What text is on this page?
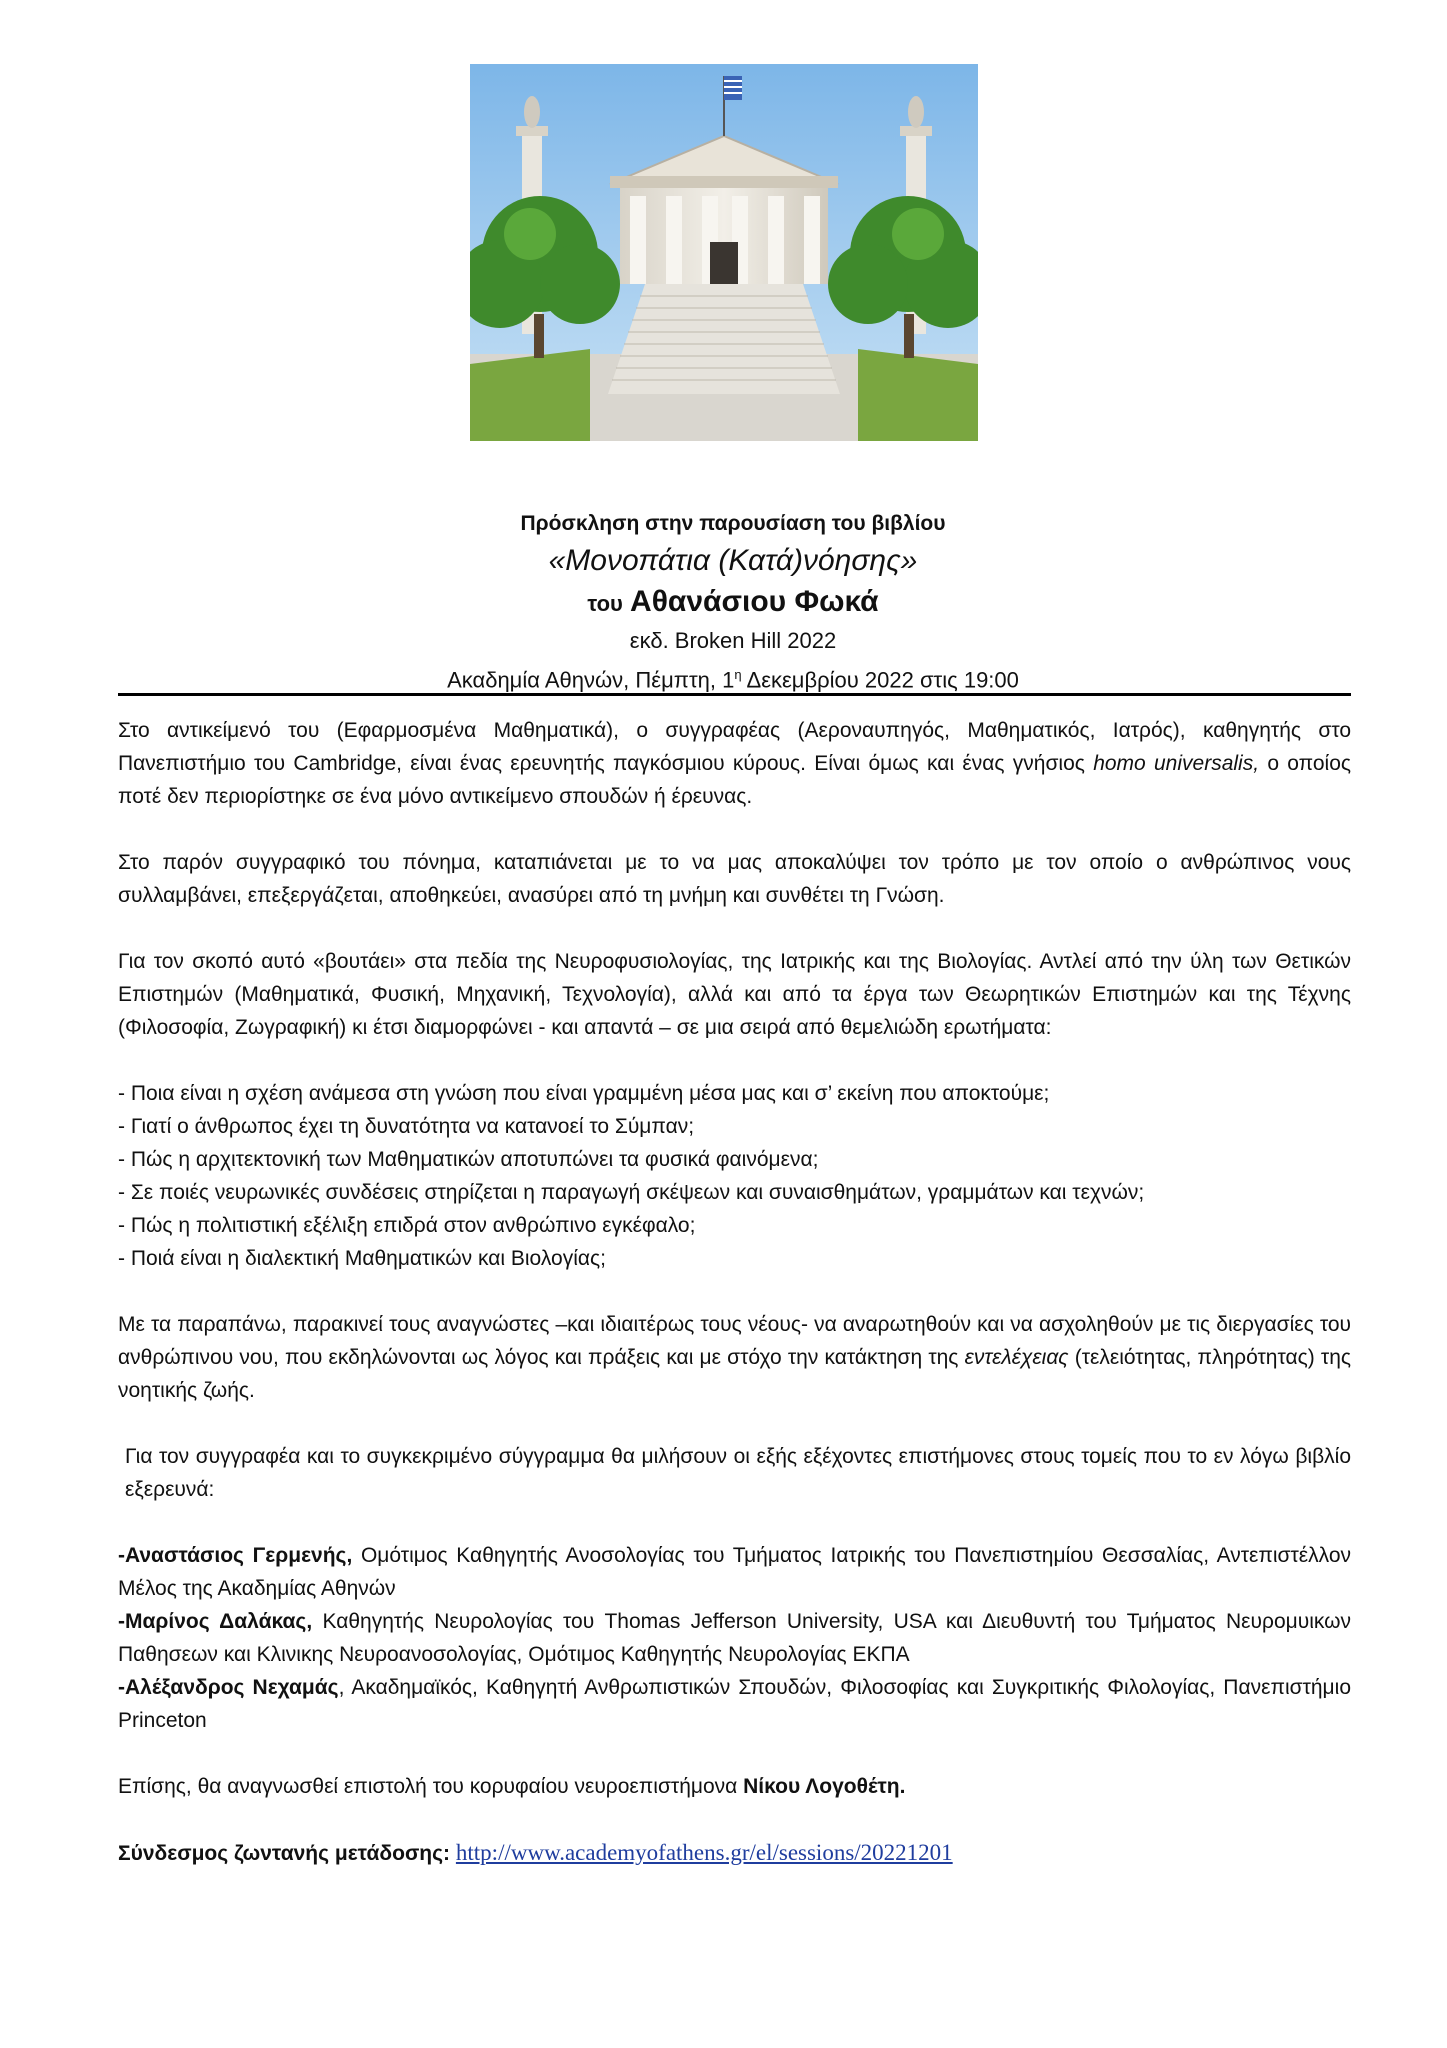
Πρόσκληση στην παρουσίαση του βιβλίου
«Μονοπάτια (Κατά)νόησης»
του Αθανάσιου Φωκά
εκδ. Broken Hill 2022
Ακαδημία Αθηνών, Πέμπτη, $1^\eta$ Δεκεμβρίου 2022 στις 19:00

Στο αντικείμενό του (Εφαρμοσμένα Μαθηματικά), ο συγγραφέας (Αεροναυπηγός, Μαθηματικός, Ιατρός), καθηγητής στο Πανεπιστήμιο του Cambridge, είναι ένας ερευνητής παγκόσμιου κύρους. Είναι όμως και ένας γνήσιος homo universalis, ο οποίος ποτέ δεν περιορίστηκε σε ένα μόνο αντικείμενο σπουδών ή έρευνας.

Στο παρόν συγγραφικό του πόνημα, καταπιάνεται με το να μας αποκαλύψει τον τρόπο με τον οποίο ο ανθρώπινος νους συλλαμβάνει, επεξεργάζεται, αποθηκεύει, ανασύρει από τη μνήμη και συνθέτει τη Γνώση.

Για τον σκοπό αυτό «βουτάει» στα πεδία της Νευροφυσιολογίας, της Ιατρικής και της Βιολογίας. Αντλεί από την ύλη των Θετικών Επιστημών (Μαθηματικά, Φυσική, Μηχανική, Τεχνολογία), αλλά και από τα έργα των Θεωρητικών Επιστημών και της Τέχνης (Φιλοσοφία, Ζωγραφική) κι έτσι διαμορφώνει - και απαντά – σε μια σειρά από θεμελιώδη ερωτήματα:

- Ποια είναι η σχέση ανάμεσα στη γνώση που είναι γραμμένη μέσα μας και σ’ εκείνη που αποκτούμε;
- Γιατί ο άνθρωπος έχει τη δυνατότητα να κατανοεί το Σύμπαν;
- Πώς η αρχιτεκτονική των Μαθηματικών αποτυπώνει τα φυσικά φαινόμενα;
- Σε ποιές νευρωνικές συνδέσεις στηρίζεται η παραγωγή σκέψεων και συναισθημάτων, γραμμάτων και τεχνών;
- Πώς η πολιτιστική εξέλιξη επιδρά στον ανθρώπινο εγκέφαλο;
- Ποιά είναι η διαλεκτική Μαθηματικών και Βιολογίας;

Με τα παραπάνω, παρακινεί τους αναγνώστες –και ιδιαιτέρως τους νέους- να αναρωτηθούν και να ασχοληθούν με τις διεργασίες του ανθρώπινου νου, που εκδηλώνονται ως λόγος και πράξεις και με στόχο την κατάκτηση της εντελέχειας (τελειότητας, πληρότητας) της νοητικής ζωής.

Για τον συγγραφέα και το συγκεκριμένο σύγγραμμα θα μιλήσουν οι εξής εξέχοντες επιστήμονες στους τομείς που το εν λόγω βιβλίο εξερευνά:

-Αναστάσιος Γερμενής, Ομότιμος Καθηγητής Ανοσολογίας του Τμήματος Ιατρικής του Πανεπιστημίου Θεσσαλίας, Αντεπιστέλλον Μέλος της Ακαδημίας Αθηνών
-Μαρίνος Δαλάκας, Καθηγητής Νευρολογίας του Thomas Jefferson University, USA και Διευθυντή του Τμήματος Νευρομυικων Παθησεων και Κλινικης Νευροανοσολογίας, Ομότιμος Καθηγητής Νευρολογίας ΕΚΠΑ
-Αλέξανδρος Νεχαμάς, Ακαδημαϊκός, Καθηγητή Ανθρωπιστικών Σπουδών, Φιλοσοφίας και Συγκριτικής Φιλολογίας, Πανεπιστήμιο Princeton

Επίσης, θα αναγνωσθεί επιστολή του κορυφαίου νευροεπιστήμονα Νίκου Λογοθέτη.

Σύνδεσμος ζωντανής μετάδοσης: http://www.academyofathens.gr/el/sessions/20221201
